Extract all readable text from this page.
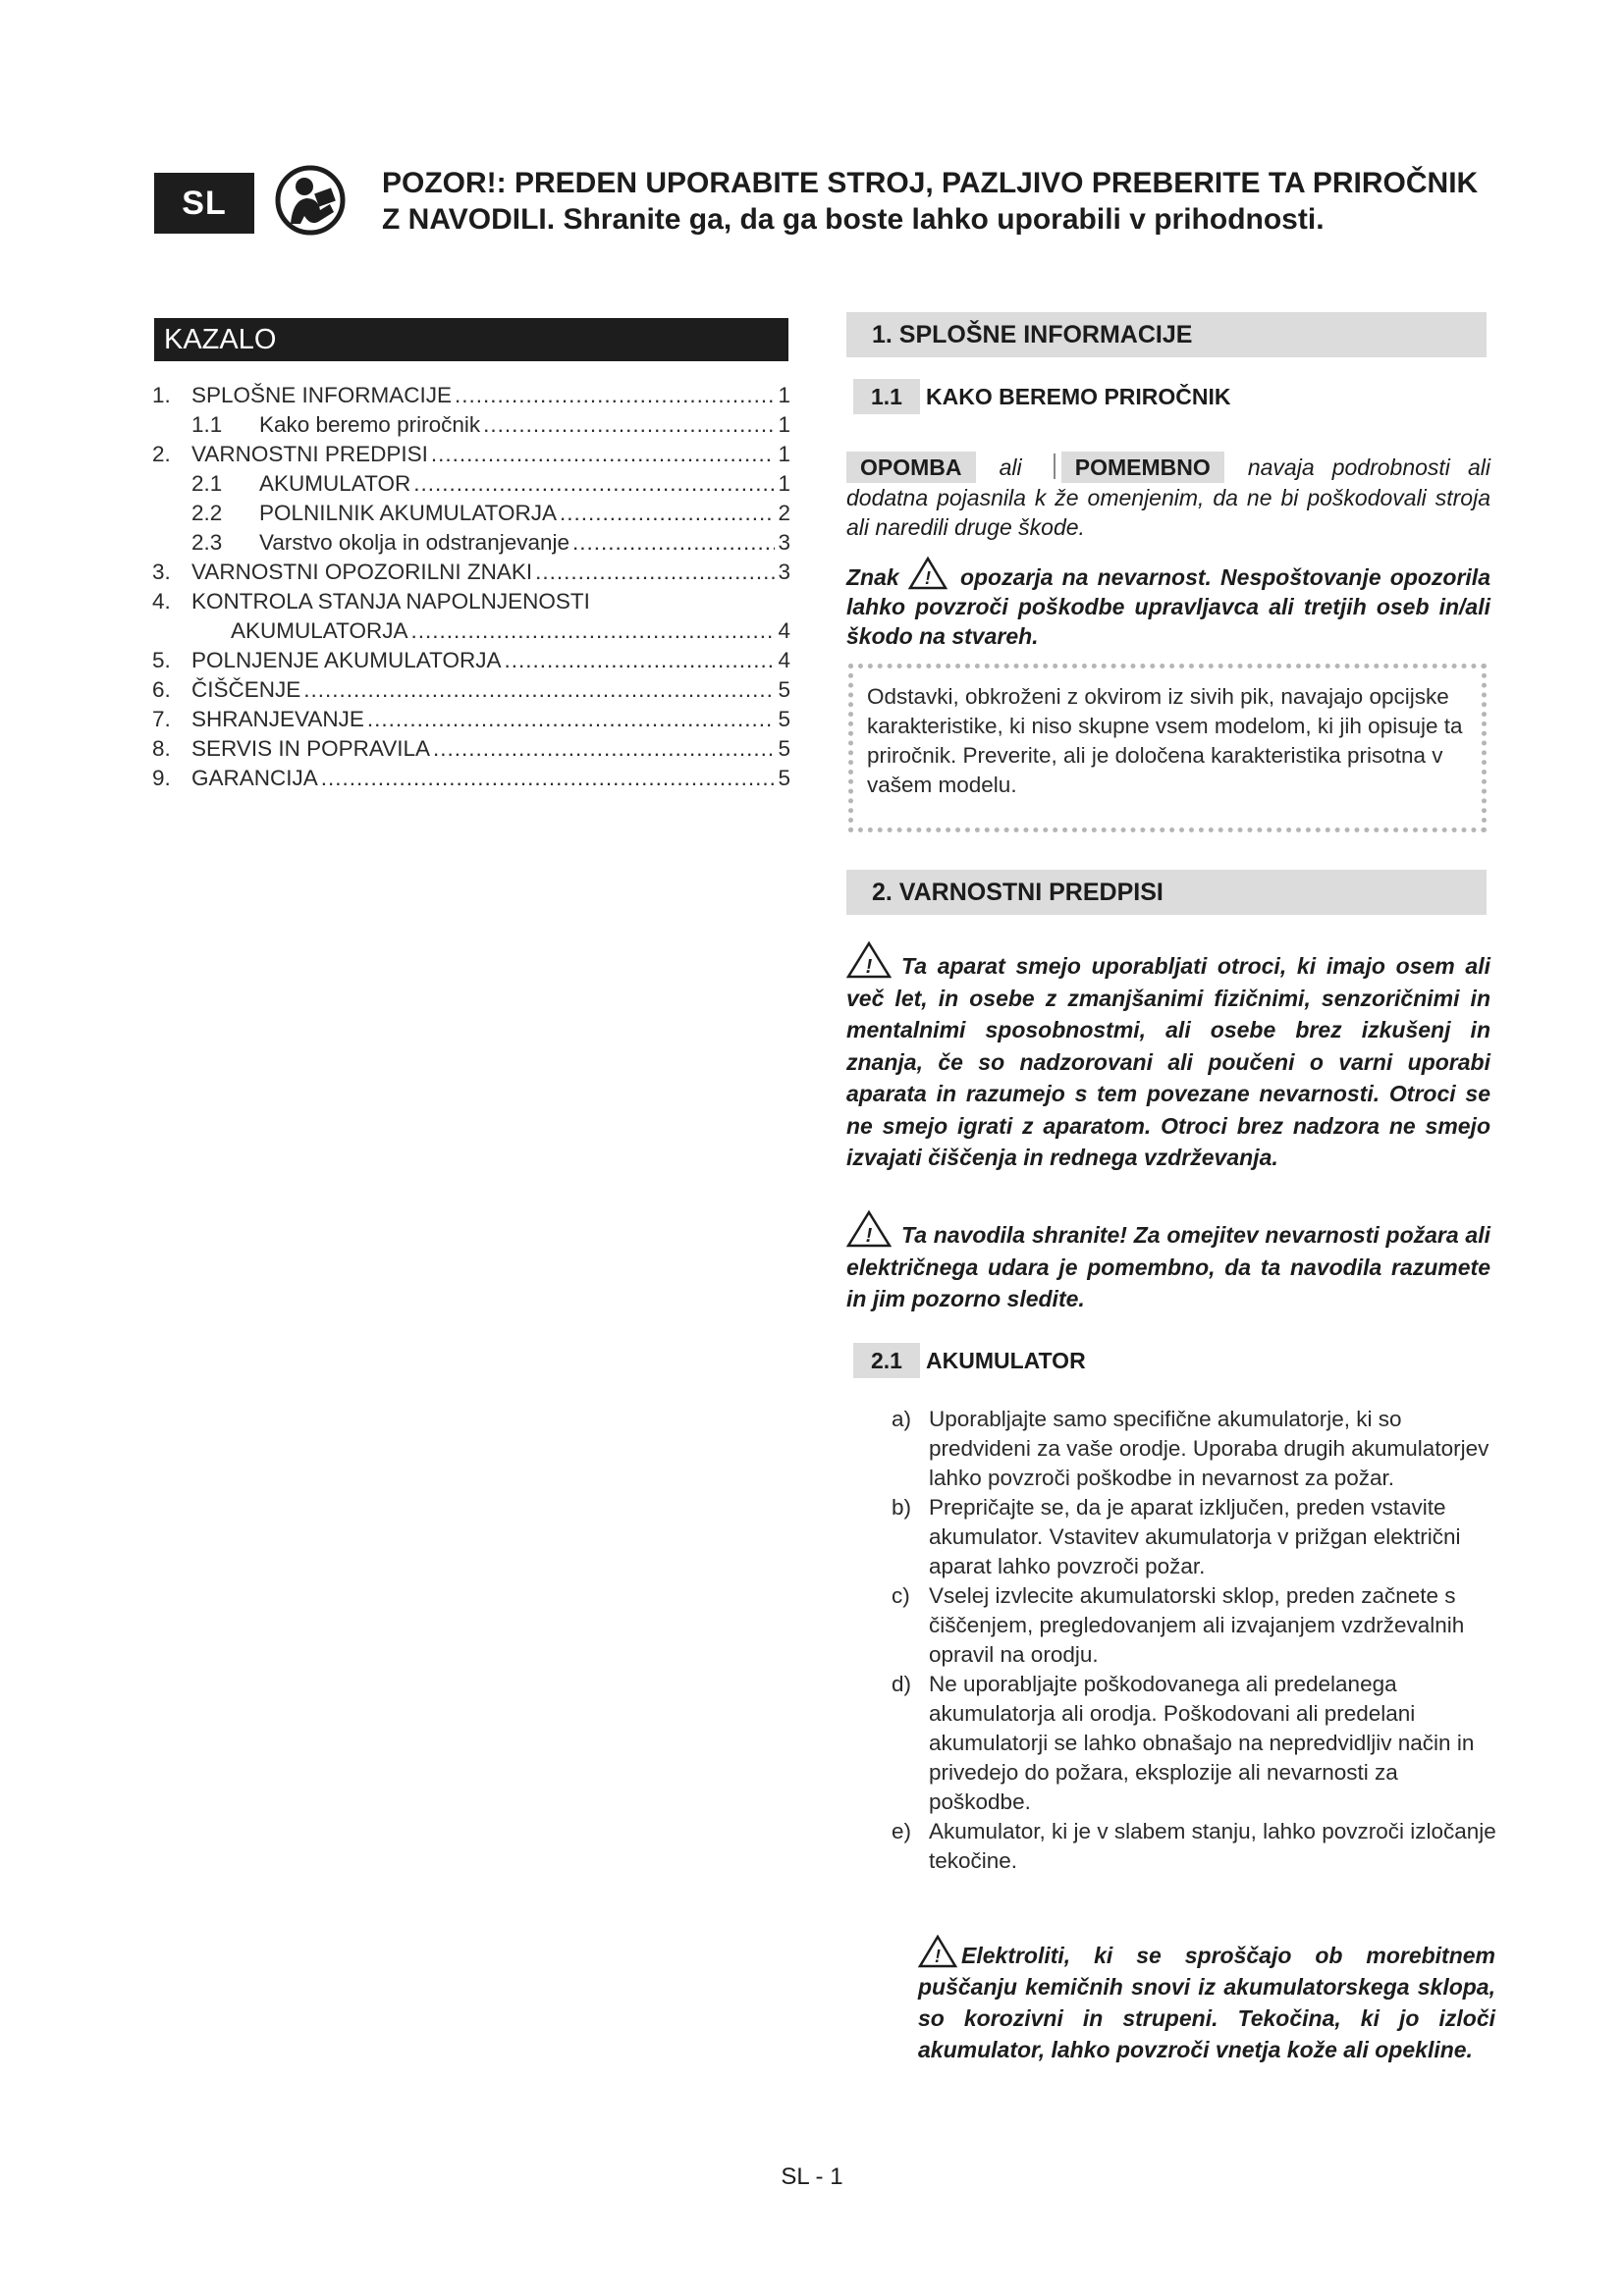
SL
POZOR!: PREDEN UPORABITE STROJ, PAZLJIVO PREBERITE TA PRIROČNIK
Z NAVODILI. Shranite ga, da ga boste lahko uporabili v prihodnosti.
KAZALO
1. SPLOŠNE INFORMACIJE .....	1
1.1	Kako beremo priročnik .....	1
2. VARNOSTNI PREDPISI .....	1
2.1	AKUMULATOR .....	1
2.2	POLNILNIK AKUMULATORJA .....	2
2.3	Varstvo okolja in odstranjevanje .....	3
3. VARNOSTNI OPOZORILNI ZNAKI .....	3
4. KONTROLA STANJA NAPOLNJENOSTI
AKUMULATORJA .....	4
5. POLNJENJE AKUMULATORJA .....	4
6. ČIŠČENJE .....	5
7. SHRANJEVANJE .....	5
8. SERVIS IN POPRAVILA .....	5
9. GARANCIJA .....	5
1. SPLOŠNE INFORMACIJE
1.1	KAKO BEREMO PRIROČNIK
OPOMBA ali POMEMBNO navaja podrobnosti ali dodatna pojasnila k že omenjenim, da ne bi poškodovali stroja ali naredili druge škode.
Znak ! opozarja na nevarnost. Nespoštovanje opozorila lahko povzroči poškodbe upravljavca ali tretjih oseb in/ali škodo na stvareh.
Odstavki, obkroženi z okvirom iz sivih pik, navajajo opcijske karakteristike, ki niso skupne vsem modelom, ki jih opisuje ta priročnik. Preverite, ali je določena karakteristika prisotna v vašem modelu.
2. VARNOSTNI PREDPISI
! Ta aparat smejo uporabljati otroci, ki imajo osem ali več let, in osebe z zmanjšanimi fizičnimi, senzoričnimi in mentalnimi sposobnostmi, ali osebe brez izkušenj in znanja, če so nadzorovani ali poučeni o varni uporabi aparata in razumejo s tem povezane nevarnosti. Otroci se ne smejo igrati z aparatom. Otroci brez nadzora ne smejo izvajati čiščenja in rednega vzdrževanja.
! Ta navodila shranite! Za omejitev nevarnosti požara ali električnega udara je pomembno, da ta navodila razumete in jim pozorno sledite.
2.1	AKUMULATOR
a) Uporabljajte samo specifične akumulatorje, ki so predvideni za vaše orodje. Uporaba drugih akumulatorjev lahko povzroči poškodbe in nevarnost za požar.
b) Prepričajte se, da je aparat izključen, preden vstavite akumulator. Vstavitev akumulatorja v prižgan električni aparat lahko povzroči požar.
c) Vselej izvlecite akumulatorski sklop, preden začnete s čiščenjem, pregledovanjem ali izvajanjem vzdrževalnih opravil na orodju.
d) Ne uporabljajte poškodovanega ali predelanega akumulatorja ali orodja. Poškodovani ali predelani akumulatorji se lahko obnašajo na nepredvidljiv način in privedejo do požara, eksplozije ali nevarnosti za poškodbe.
e) Akumulator, ki je v slabem stanju, lahko povzroči izločanje tekočine.
! Elektroliti, ki se sproščajo ob morebitnem puščanju kemičnih snovi iz akumulatorskega sklopa, so korozivni in strupeni. Tekočina, ki jo izloči akumulator, lahko povzroči vnetja kože ali opekline.
SL - 1
